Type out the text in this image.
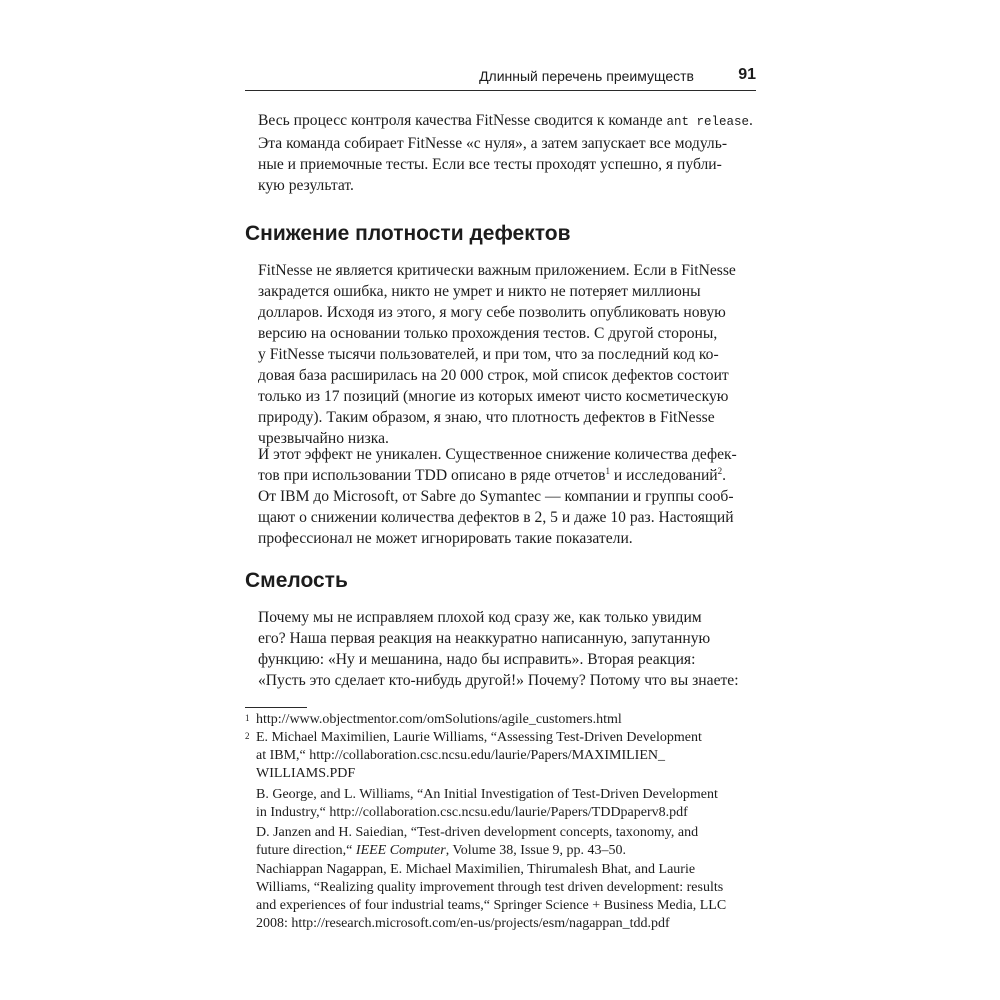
Длинный перечень преимуществ	91

Весь процесс контроля качества FitNesse сводится к команде ant release.
Эта команда собирает FitNesse «с нуля», а затем запускает все модуль-
ные и приемочные тесты. Если все тесты проходят успешно, я публи-
кую результат.

Снижение плотности дефектов

FitNesse не является критически важным приложением. Если в FitNesse
закрадется ошибка, никто не умрет и никто не потеряет миллионы
долларов. Исходя из этого, я могу себе позволить опубликовать новую
версию на основании только прохождения тестов. С другой стороны,
у FitNesse тысячи пользователей, и при том, что за последний код ко-
довая база расширилась на 20 000 строк, мой список дефектов состоит
только из 17 позиций (многие из которых имеют чисто косметическую
природу). Таким образом, я знаю, что плотность дефектов в FitNesse
чрезвычайно низка.

И этот эффект не уникален. Существенное снижение количества дефек-
тов при использовании TDD описано в ряде отчетов$^1$ и исследований$^2$.
От IBM до Microsoft, от Sabre до Symantec — компании и группы сооб-
щают о снижении количества дефектов в 2, 5 и даже 10 раз. Настоящий
профессионал не может игнорировать такие показатели.

Смелость

Почему мы не исправляем плохой код сразу же, как только увидим
его? Наша первая реакция на неаккуратно написанную, запутанную
функцию: «Ну и мешанина, надо бы исправить». Вторая реакция:
«Пусть это сделает кто-нибудь другой!» Почему? Потому что вы знаете:

1 http://www.objectmentor.com/omSolutions/agile_customers.html
2 E. Michael Maximilien, Laurie Williams, “Assessing Test-Driven Development
at IBM,“ http://collaboration.csc.ncsu.edu/laurie/Papers/MAXIMILIEN_
WILLIAMS.PDF
B. George, and L. Williams, “An Initial Investigation of Test-Driven Development
in Industry,“ http://collaboration.csc.ncsu.edu/laurie/Papers/TDDpaperv8.pdf
D. Janzen and H. Saiedian, “Test-driven development concepts, taxonomy, and
future direction,“ IEEE Computer, Volume 38, Issue 9, pp. 43–50.
Nachiappan Nagappan, E. Michael Maximilien, Thirumalesh Bhat, and Laurie
Williams, “Realizing quality improvement through test driven development: results
and experiences of four industrial teams,“ Springer Science + Business Media, LLC
2008: http://research.microsoft.com/en-us/projects/esm/nagappan_tdd.pdf
